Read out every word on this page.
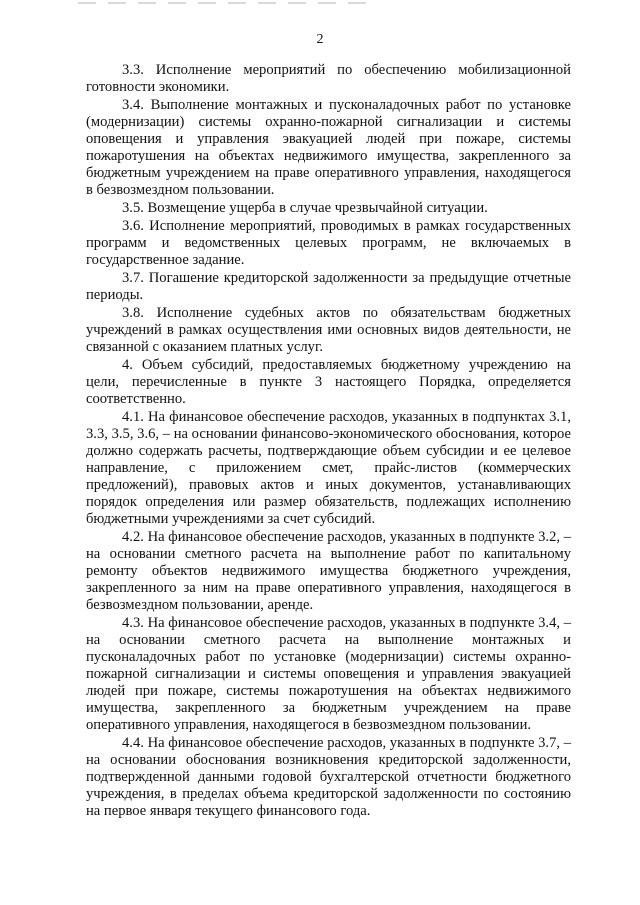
2

3.3. Исполнение мероприятий по обеспечению мобилизационной готовности экономики.

3.4. Выполнение монтажных и пусконаладочных работ по установке (модернизации) системы охранно-пожарной сигнализации и системы оповещения и управления эвакуацией людей при пожаре, системы пожаротушения на объектах недвижимого имущества, закрепленного за бюджетным учреждением на праве оперативного управления, находящегося в безвозмездном пользовании.

3.5. Возмещение ущерба в случае чрезвычайной ситуации.

3.6. Исполнение мероприятий, проводимых в рамках государственных программ и ведомственных целевых программ, не включаемых в государственное задание.

3.7. Погашение кредиторской задолженности за предыдущие отчетные периоды.

3.8. Исполнение судебных актов по обязательствам бюджетных учреждений в рамках осуществления ими основных видов деятельности, не связанной с оказанием платных услуг.

4. Объем субсидий, предоставляемых бюджетному учреждению на цели, перечисленные в пункте 3 настоящего Порядка, определяется соответственно.

4.1. На финансовое обеспечение расходов, указанных в подпунктах 3.1, 3.3, 3.5, 3.6, – на основании финансово-экономического обоснования, которое должно содержать расчеты, подтверждающие объем субсидии и ее целевое направление, с приложением смет, прайс-листов (коммерческих предложений), правовых актов и иных документов, устанавливающих порядок определения или размер обязательств, подлежащих исполнению бюджетными учреждениями за счет субсидий.

4.2. На финансовое обеспечение расходов, указанных в подпункте 3.2, – на основании сметного расчета на выполнение работ по капитальному ремонту объектов недвижимого имущества бюджетного учреждения, закрепленного за ним на праве оперативного управления, находящегося в безвозмездном пользовании, аренде.

4.3. На финансовое обеспечение расходов, указанных в подпункте 3.4, – на основании сметного расчета на выполнение монтажных и пусконаладочных работ по установке (модернизации) системы охранно-пожарной сигнализации и системы оповещения и управления эвакуацией людей при пожаре, системы пожаротушения на объектах недвижимого имущества, закрепленного за бюджетным учреждением на праве оперативного управления, находящегося в безвозмездном пользовании.

4.4. На финансовое обеспечение расходов, указанных в подпункте 3.7, – на основании обоснования возникновения кредиторской задолженности, подтвержденной данными годовой бухгалтерской отчетности бюджетного учреждения, в пределах объема кредиторской задолженности по состоянию на первое января текущего финансового года.
